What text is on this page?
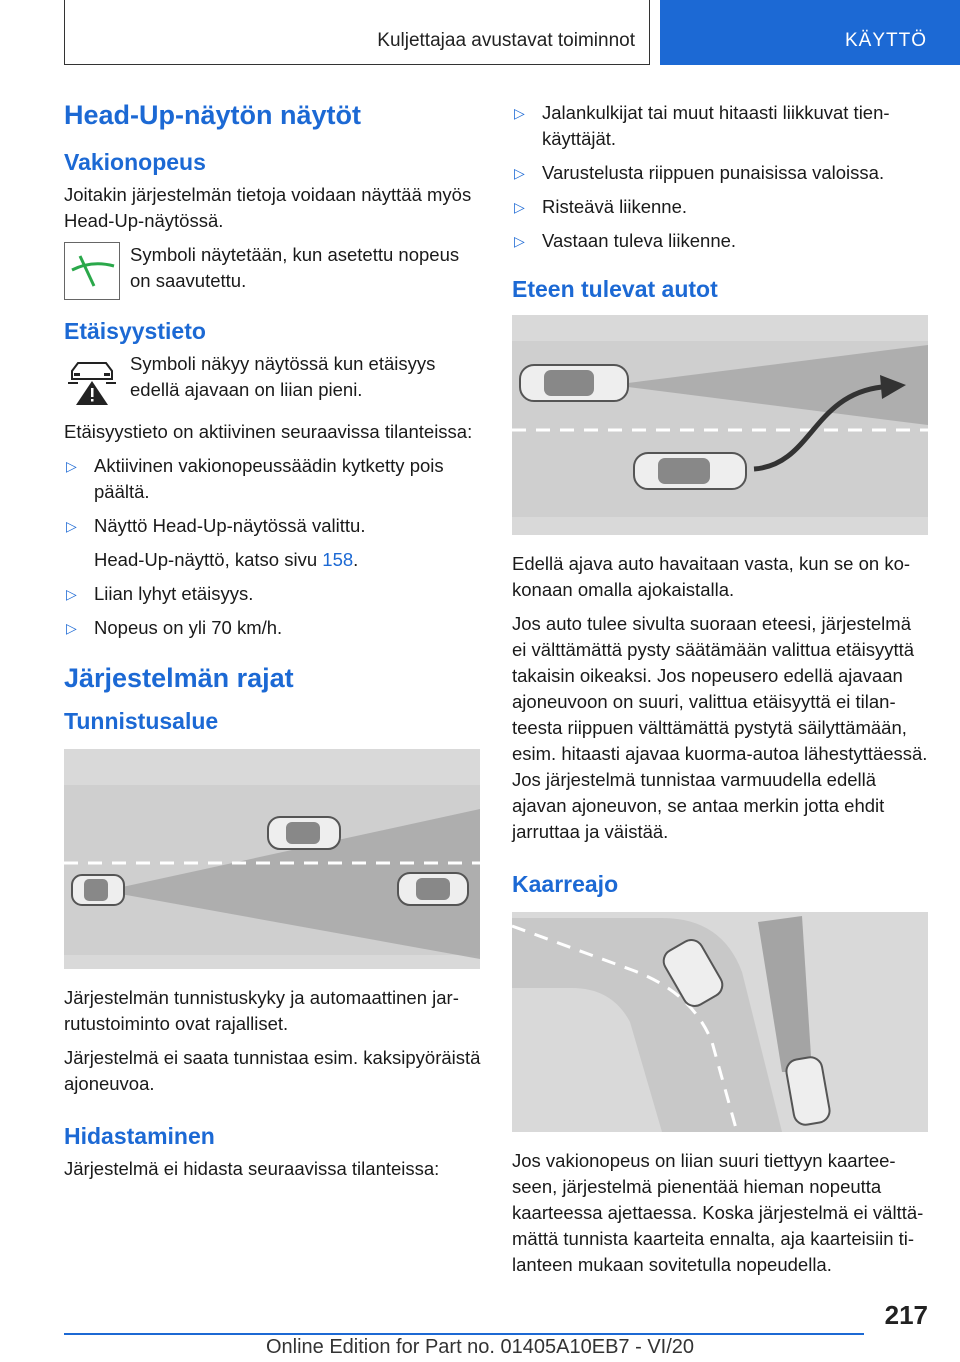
Kuljettajaa avustavat toiminnot	KÄYTTÖ
Head-Up-näytön näytöt
Vakionopeus

Joitakin järjestelmän tietoja voidaan näyttää myös Head-Up-näytössä.

Symboli näytetään, kun asetettu nopeus on saavutettu.

Etäisyystieto

Symboli näkyy näytössä kun etäisyys edellä ajavaan on liian pieni.

Etäisyystieto on aktiivinen seuraavissa tilanteissa:

▷ Aktiivinen vakionopeussäädin kytketty pois päältä.
▷ Näyttö Head-Up-näytössä valittu.

Head-Up-näyttö, katso sivu 158.

▷ Liian lyhyt etäisyys.
▷ Nopeus on yli 70 km/h.
Järjestelmän rajat
Tunnistusalue

Järjestelmän tunnistuskyky ja automaattinen jarrutustoiminto ovat rajalliset.

Järjestelmä ei saata tunnistaa esim. kaksipyöräistä ajoneuvoa.

Hidastaminen

Järjestelmä ei hidasta seuraavissa tilanteissa:

▷ Jalankulkijat tai muut hitaasti liikkuvat tienkäyttäjät.
▷ Varustelusta riippuen punaisissa valoissa.
▷ Risteävä liikenne.
▷ Vastaan tuleva liikenne.
Eteen tulevat autot

Edellä ajava auto havaitaan vasta, kun se on kokonaan omalla ajokaistalla.

Jos auto tulee sivulta suoraan eteesi, järjestelmä ei välttämättä pysty säätämään valittua etäisyyttä takaisin oikeaksi. Jos nopeusero edellä ajavaan ajoneuvoon on suuri, valittua etäisyyttä ei tilanteesta riippuen välttämättä pystytä säilyttämään, esim. hitaasti ajavaa kuorma-autoa lähestyttäessä. Jos järjestelmä tunnistaa varmuudella edellä ajavan ajoneuvon, se antaa merkin jotta ehdit jarruttaa ja väistää.

Kaarreajo

Jos vakionopeus on liian suuri tiettyyn kaarteeseen, järjestelmä pienentää hieman nopeutta kaarteessa ajettaessa. Koska järjestelmä ei välttämättä tunnista kaarteita ennalta, aja kaarteisiin tilanteen mukaan sovitetulla nopeudella.

217
Online Edition for Part no. 01405A10EB7 - VI/20
